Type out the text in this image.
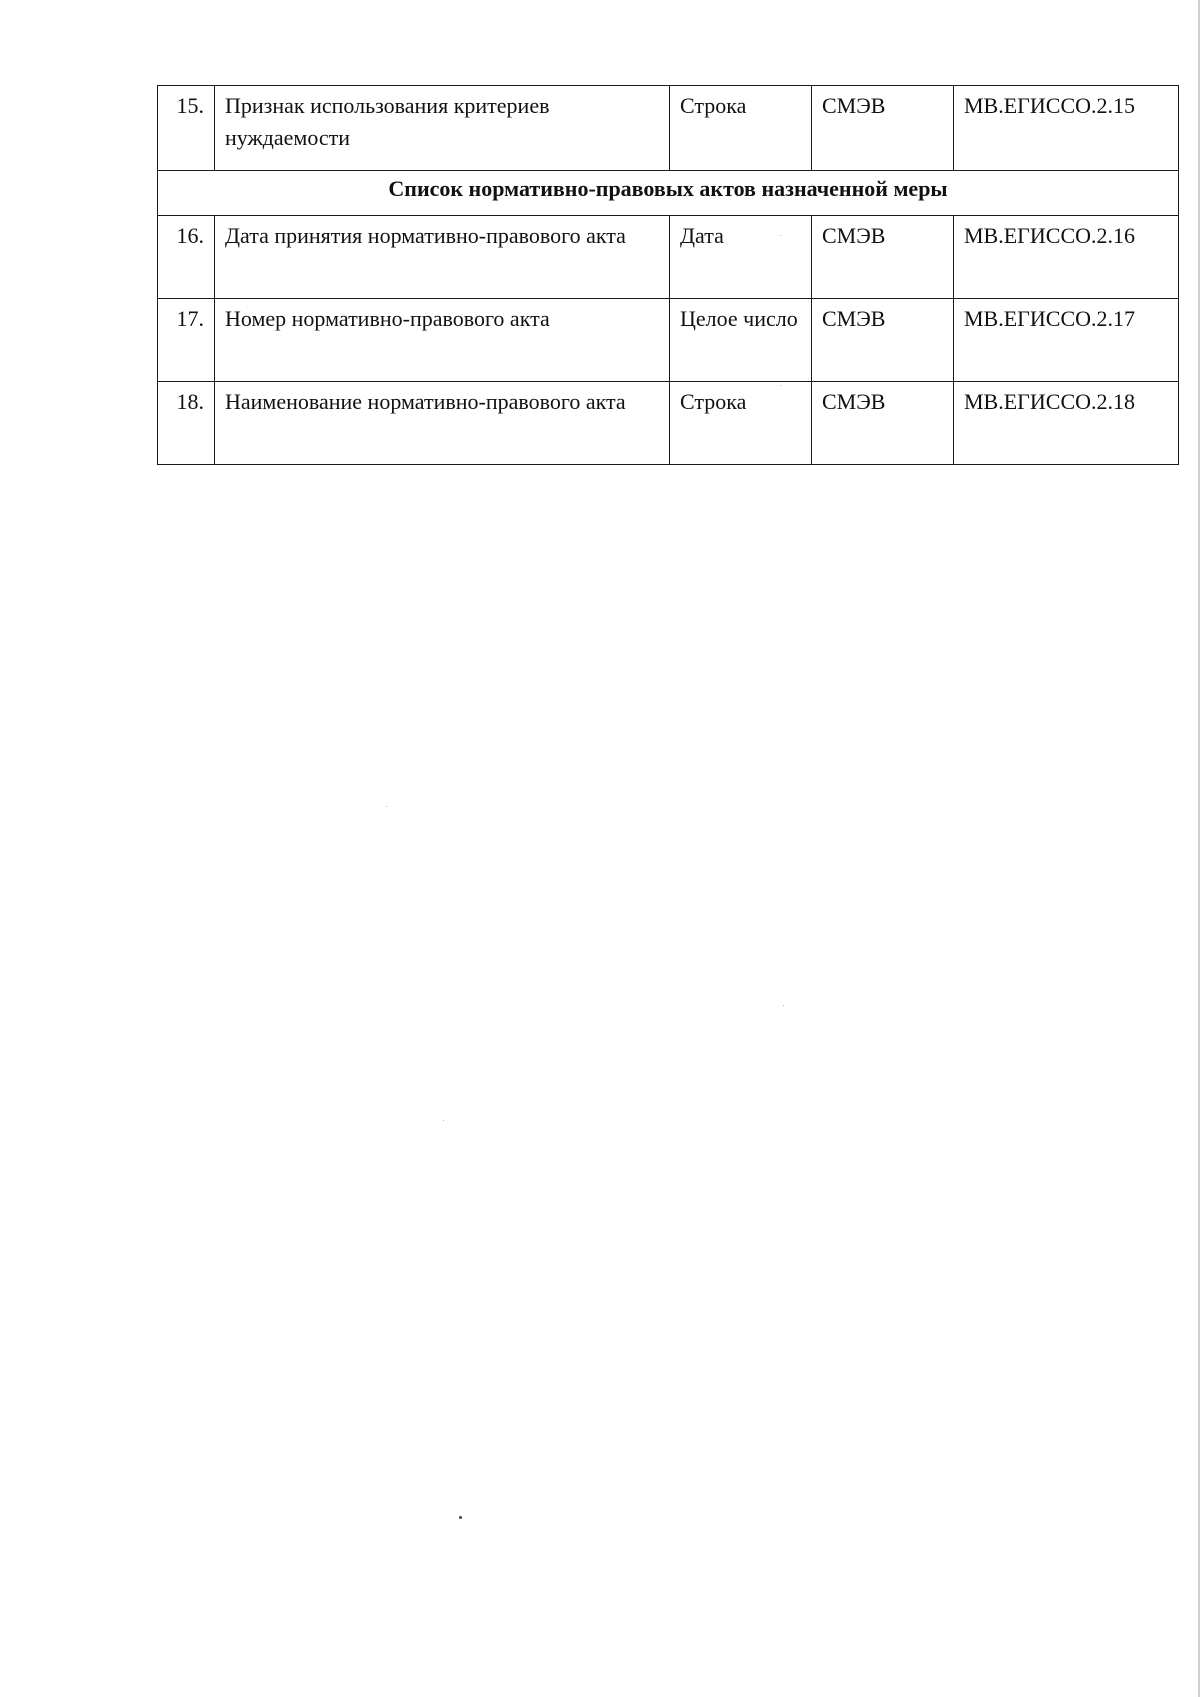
15.	Признак использования критериев нуждаемости	Строка	СМЭВ	МВ.ЕГИССО.2.15
Список нормативно-правовых актов назначенной меры				
16.	Дата принятия нормативно-правового акта	Дата	СМЭВ	МВ.ЕГИССО.2.16
17.	Номер нормативно-правового акта	Целое число	СМЭВ	МВ.ЕГИССО.2.17
18.	Наименование нормативно-правового акта	Строка	СМЭВ	МВ.ЕГИССО.2.18
